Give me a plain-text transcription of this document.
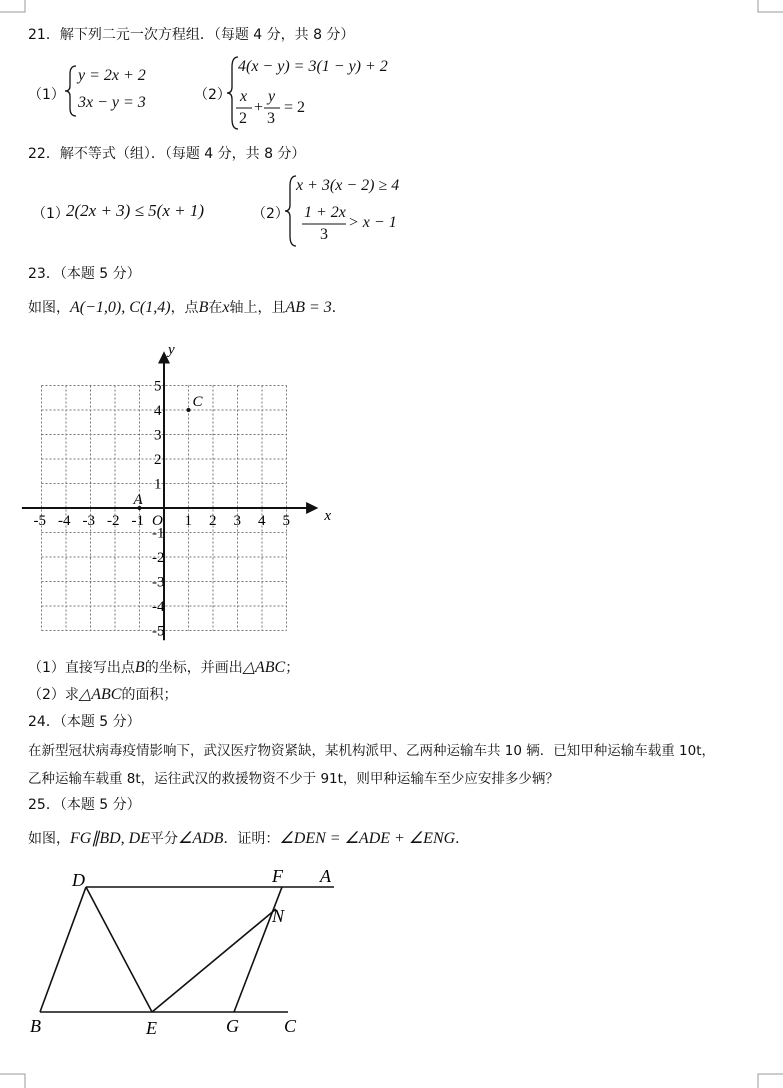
21．解下列二元一次方程组．（每题 4 分，共 8 分）
（1）
y = 2x + 2
3x − y = 3	（2）
4(x − y) = 3(1 − y) + 2
x
2
+
y
3
= 2
22．解不等式（组）．（每题 4 分，共 8 分）
（1）
2(2x + 3) ≤ 5(x + 1)	（2）
x + 3(x − 2) ≥ 4
1 + 2x
3
> x − 1
23．（本题 5 分）
如图，A(−1,0), C(1,4)，点B在x轴上，且AB = 3．
x
y
O
-5 -4 -3 -2 -1	1 2 3 4 5
5
4
3
2
1
-1
-2
-3
-4
-5
A
C
（1）直接写出点B的坐标，并画出△ABC；
（2）求△ABC的面积；
24．（本题 5 分）
在新型冠状病毒疫情影响下，武汉医疗物资紧缺，某机构派甲、乙两种运输车共 10 辆．已知甲种运输车载重 10t，
乙种运输车载重 8t，运往武汉的救援物资不少于 91t，则甲种运输车至少应安排多少辆？
25．（本题 5 分）
如图，FG∥BD, DE平分∠ADB．证明：∠DEN = ∠ADE + ∠ENG．
D	F A
N
B	E	G	C
